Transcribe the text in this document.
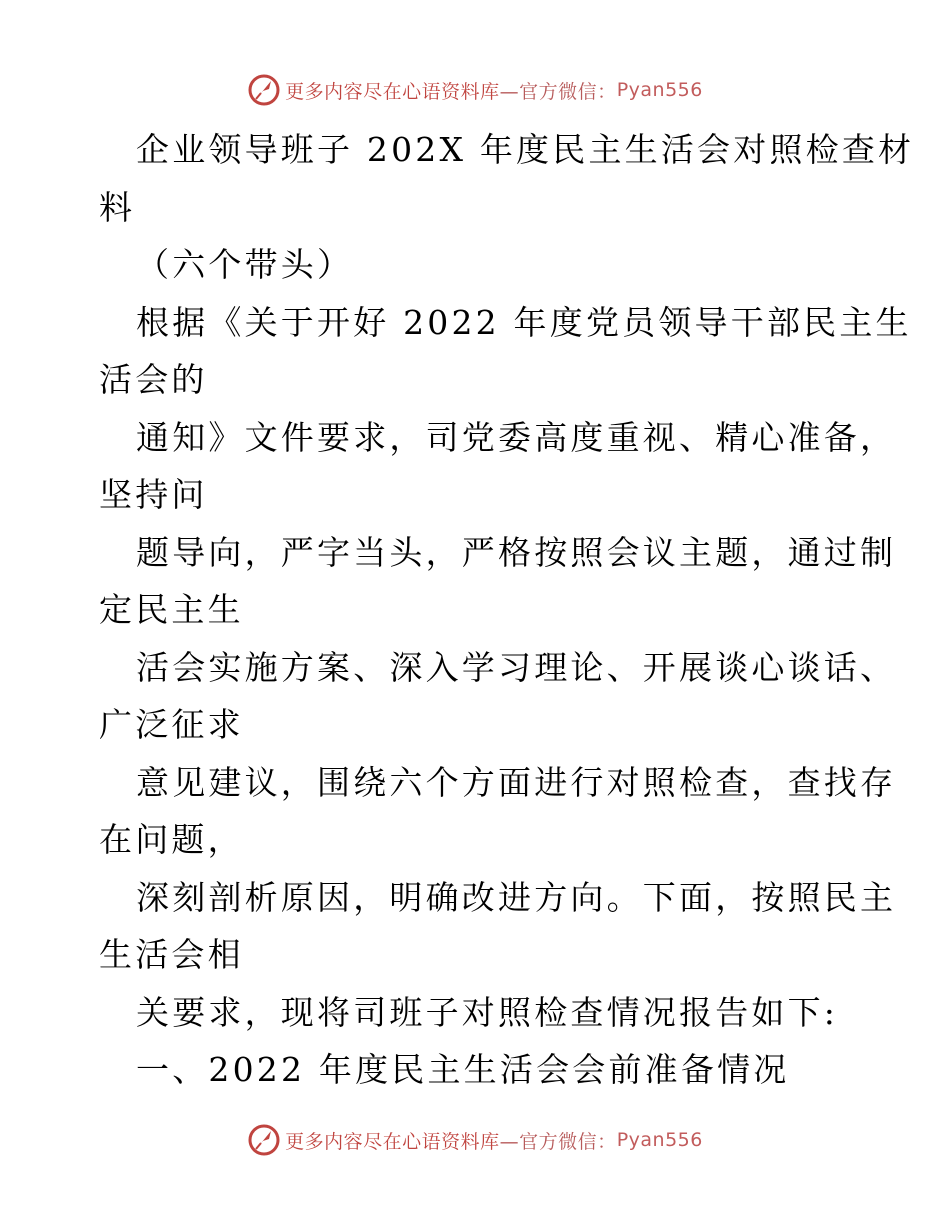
更多内容尽在心语资料库 —官方微信： Pyan556
企业领导班子 202X 年度民主生活会对照检查材
料
（六个带头）
根据《关于开好 2022 年度党员领导干部民主生
活会的
通知》文件要求，司党委高度重视、精心准备，
坚持问
题导向，严字当头，严格按照会议主题，通过制
定民主生
活会实施方案、深入学习理论、开展谈心谈话、
广泛征求
意见建议，围绕六个方面进行对照检查，查找存
在问题，
深刻剖析原因，明确改进方向。下面，按照民主
生活会相
关要求，现将司班子对照检查情况报告如下:
一、2022 年度民主生活会会前准备情况
更多内容尽在心语资料库 —官方微信： Pyan556
